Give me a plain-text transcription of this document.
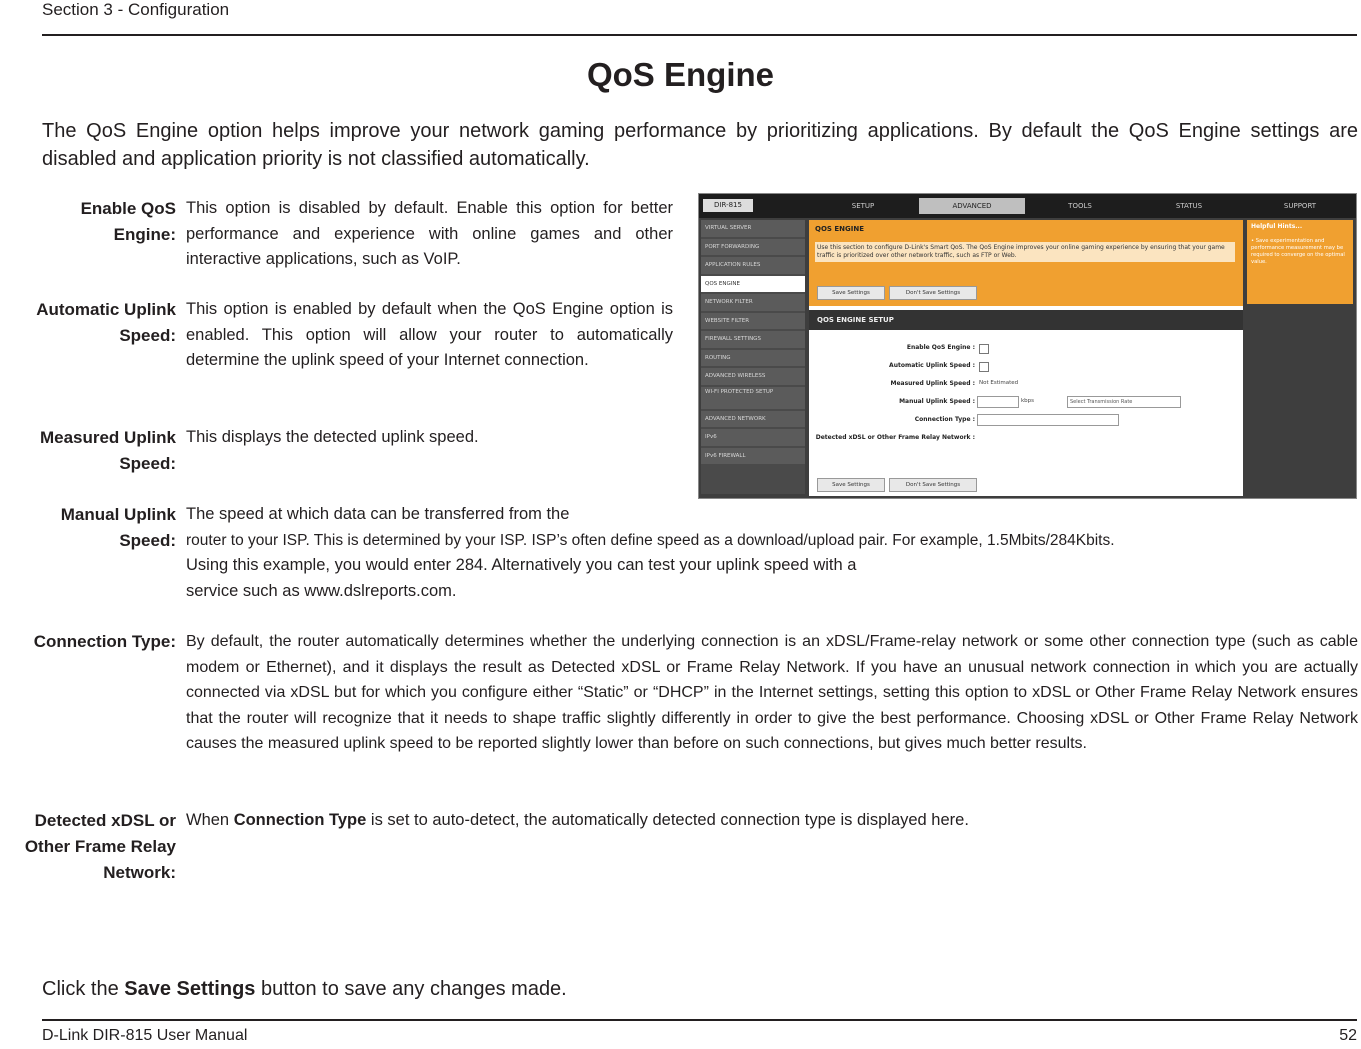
Section 3 - Configuration
QoS Engine
The QoS Engine option helps improve your network gaming performance by prioritizing applications. By default the QoS Engine settings are disabled and application priority is not classified automatically.
Enable QoS
Engine:
This option is disabled by default. Enable this option for better performance and experience with online games and other interactive applications, such as VoIP.
Automatic Uplink
Speed:
This option is enabled by default when the QoS Engine option is enabled. This option will allow your router to automatically determine the uplink speed of your Internet connection.
Measured Uplink
Speed:
This displays the detected uplink speed.
Manual Uplink
Speed:
The speed at which data can be transferred from the
router to your ISP. This is determined by your ISP. ISP’s often define speed as a download/upload pair. For example, 1.5Mbits/284Kbits.
Using this example, you would enter 284. Alternatively you can test your uplink speed with a
service such as www.dslreports.com.
Connection Type: By default, the router automatically determines whether the underlying connection is an xDSL/Frame-relay network or some other connection type (such as cable modem or Ethernet), and it displays the result as Detected xDSL or Frame Relay Network. If you have an unusual network connection in which you are actually connected via xDSL but for which you configure either “Static” or “DHCP” in the Internet settings, setting this option to xDSL or Other Frame Relay Network ensures that the router will recognize that it needs to shape traffic slightly differently in order to give the best performance. Choosing xDSL or Other Frame Relay Network causes the measured uplink speed to be reported slightly lower than before on such connections, but gives much better results.
Detected xDSL or
Other Frame Relay
Network:
When Connection Type is set to auto-detect, the automatically detected connection type is displayed here.
DIR-815	SETUP	ADVANCED	TOOLS	STATUS	SUPPORT
VIRTUAL SERVER
PORT FORWARDING
APPLICATION RULES
QOS ENGINE
NETWORK FILTER
WEBSITE FILTER
FIREWALL SETTINGS
ROUTING
ADVANCED WIRELESS
WI-FI PROTECTED SETUP
ADVANCED NETWORK
IPv6
IPv6 FIREWALL
QOS ENGINE
Use this section to configure D-Link's Smart QoS. The QoS Engine improves your online gaming experience by ensuring that your game traffic is prioritized over other network traffic, such as FTP or Web.
Save Settings	Don't Save Settings
QOS ENGINE SETUP
Enable QoS Engine :
Automatic Uplink Speed :
Measured Uplink Speed : Not Estimated
Manual Uplink Speed :	kbps	Select Transmission Rate
Connection Type :
Detected xDSL or Other Frame Relay Network :
Save Settings	Don't Save Settings
Helpful Hints...
• Save experimentation and performance measurement may be required to converge on the optimal value.
Click the Save Settings button to save any changes made.
D-Link DIR-815 User Manual	52
